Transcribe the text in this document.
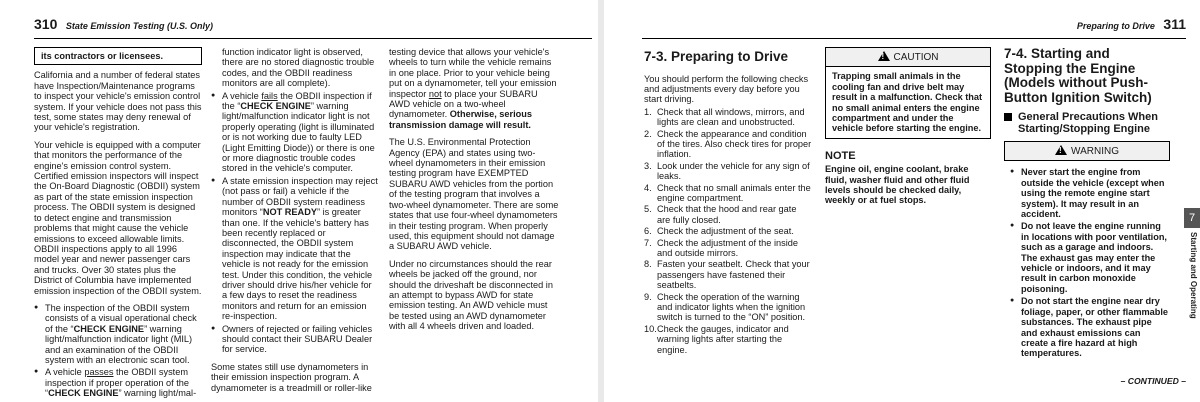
310 State Emission Testing (U.S. Only)
its contractors or licensees.

California and a number of federal states have Inspection/Maintenance programs to inspect your vehicle's emission control system. If your vehicle does not pass this test, some states may deny renewal of your vehicle's registration.

Your vehicle is equipped with a computer that monitors the performance of the engine's emission control system. Certified emission inspectors will inspect the On-Board Diagnostic (OBDII) system as part of the state emission inspection process. The OBDII system is designed to detect engine and transmission problems that might cause the vehicle emissions to exceed allowable limits. OBDII inspections apply to all 1996 model year and newer passenger cars and trucks. Over 30 states plus the District of Columbia have implemented emission inspection of the OBDII system.

● The inspection of the OBDII system consists of a visual operational check of the “CHECK ENGINE” warning light/malfunction indicator light (MIL) and an examination of the OBDII system with an electronic scan tool.
● A vehicle passes the OBDII system inspection if proper operation of the “CHECK ENGINE” warning light/mal-

function indicator light is observed, there are no stored diagnostic trouble codes, and the OBDII readiness monitors are all complete).

● A vehicle fails the OBDII inspection if the “CHECK ENGINE” warning light/malfunction indicator light is not properly operating (light is illuminated or is not working due to faulty LED (Light Emitting Diode)) or there is one or more diagnostic trouble codes stored in the vehicle's computer.
● A state emission inspection may reject (not pass or fail) a vehicle if the number of OBDII system readiness monitors “NOT READY” is greater than one. If the vehicle's battery has been recently replaced or disconnected, the OBDII system inspection may indicate that the vehicle is not ready for the emission test. Under this condition, the vehicle driver should drive his/her vehicle for a few days to reset the readiness monitors and return for an emission re-inspection.
● Owners of rejected or failing vehicles should contact their SUBARU Dealer for service.

Some states still use dynamometers in their emission inspection program. A dynamometer is a treadmill or roller-like

testing device that allows your vehicle's wheels to turn while the vehicle remains in one place. Prior to your vehicle being put on a dynamometer, tell your emission inspector not to place your SUBARU AWD vehicle on a two-wheel dynamometer. Otherwise, serious transmission damage will result.

The U.S. Environmental Protection Agency (EPA) and states using two-wheel dynamometers in their emission testing program have EXEMPTED SUBARU AWD vehicles from the portion of the testing program that involves a two-wheel dynamometer. There are some states that use four-wheel dynamometers in their testing program. When properly used, this equipment should not damage a SUBARU AWD vehicle.

Under no circumstances should the rear wheels be jacked off the ground, nor should the driveshaft be disconnected in an attempt to bypass AWD for state emission testing. An AWD vehicle must be tested using an AWD dynamometer with all 4 wheels driven and loaded.

Preparing to Drive 311
7-3. Preparing to Drive

You should perform the following checks and adjustments every day before you start driving.

1. Check that all windows, mirrors, and lights are clean and unobstructed.
2. Check the appearance and condition of the tires. Also check tires for proper inflation.
3. Look under the vehicle for any sign of leaks.
4. Check that no small animals enter the engine compartment.
5. Check that the hood and rear gate are fully closed.
6. Check the adjustment of the seat.
7. Check the adjustment of the inside and outside mirrors.
8. Fasten your seatbelt. Check that your passengers have fastened their seatbelts.
9. Check the operation of the warning and indicator lights when the ignition switch is turned to the “ON” position.
10. Check the gauges, indicator and warning lights after starting the engine.
! CAUTION
Trapping small animals in the cooling fan and drive belt may result in a malfunction. Check that no small animal enters the engine compartment and under the vehicle before starting the engine.
NOTE
Engine oil, engine coolant, brake fluid, washer fluid and other fluid levels should be checked daily, weekly or at fuel stops.
7-4. Starting and Stopping the Engine (Models without Push-Button Ignition Switch)
General Precautions When Starting/Stopping Engine
! WARNING
● Never start the engine from outside the vehicle (except when using the remote engine start system). It may result in an accident.
● Do not leave the engine running in locations with poor ventilation, such as a garage and indoors. The exhaust gas may enter the vehicle or indoors, and it may result in carbon monoxide poisoning.
● Do not start the engine near dry foliage, paper, or other flammable substances. The exhaust pipe and exhaust emissions can create a fire hazard at high temperatures.
7
Starting and Operating
– CONTINUED –
